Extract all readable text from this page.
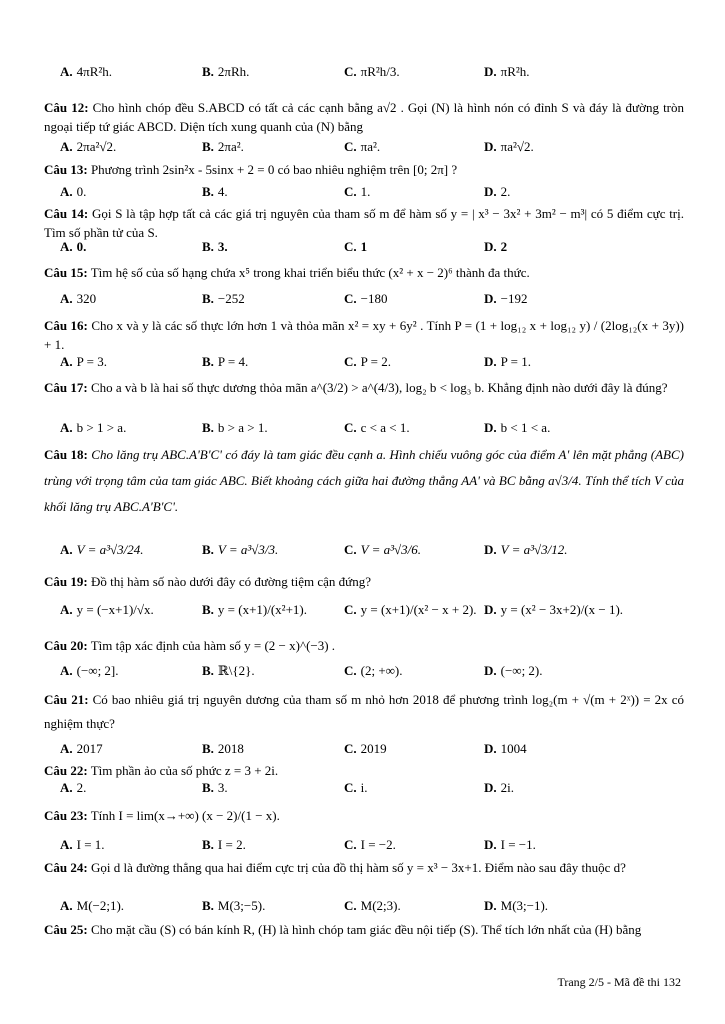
A. 4πR²h.	B. 2πRh.	C. πR²h/3.	D. πR²h.
Câu 12: Cho hình chóp đều S.ABCD có tất cả các cạnh bằng a√2 . Gọi (N) là hình nón có đỉnh S và đáy là đường tròn ngoại tiếp tứ giác ABCD. Diện tích xung quanh của (N) bằng
A. 2πa²√2.	B. 2πa².	C. πa².	D. πa²√2.
Câu 13: Phương trình 2sin²x - 5sinx + 2 = 0 có bao nhiêu nghiệm trên [0; 2π] ?
A. 0.	B. 4.	C. 1.	D. 2.
Câu 14: Gọi S là tập hợp tất cả các giá trị nguyên của tham số m để hàm số y = | x³ − 3x² + 3m² − m³| có 5 điểm cực trị. Tìm số phần tử của S.
A. 0.	B. 3.	C. 1	D. 2
Câu 15: Tìm hệ số của số hạng chứa x⁵ trong khai triển biểu thức (x² + x − 2)⁶ thành đa thức.
A. 320	B. −252	C. −180	D. −192
Câu 16: Cho x và y là các số thực lớn hơn 1 và thỏa mãn x² = xy + 6y² . Tính P = (1 + log₁₂ x + log₁₂ y) / (2log₁₂(x + 3y)) + 1.
A. P = 3.	B. P = 4.	C. P = 2.	D. P = 1.
Câu 17: Cho a và b là hai số thực dương thỏa mãn a^(3/2) > a^(4/3), log₂ b < log₃ b. Khẳng định nào dưới đây là đúng?
A. b > 1 > a.	B. b > a > 1.	C. c < a < 1.	D. b < 1 < a.
Câu 18: Cho lăng trụ ABC.A'B'C' có đáy là tam giác đều cạnh a. Hình chiếu vuông góc của điểm A' lên mặt phẳng (ABC) trùng với trọng tâm của tam giác ABC. Biết khoảng cách giữa hai đường thẳng AA' và BC bằng a√3/4. Tính thể tích V của khối lăng trụ ABC.A'B'C'.
A. V = a³√3/24.	B. V = a³√3/3.	C. V = a³√3/6.	D. V = a³√3/12.
Câu 19: Đồ thị hàm số nào dưới đây có đường tiệm cận đứng?
A. y = (−x+1)/√x.	B. y = (x+1)/(x²+1).	C. y = (x+1)/(x² − x + 2). D. y = (x² − 3x+2)/(x − 1).
Câu 20: Tìm tập xác định của hàm số y = (2 − x)^(−3) .
A. (−∞; 2].	B. ℝ\{2}.	C. (2; +∞).	D. (−∞; 2).
Câu 21: Có bao nhiêu giá trị nguyên dương của tham số m nhỏ hơn 2018 để phương trình log₂(m + √(m + 2ˣ)) = 2x có nghiệm thực?
A. 2017	B. 2018	C. 2019	D. 1004
Câu 22: Tìm phần ảo của số phức z = 3 + 2i.
A. 2.	B. 3.	C. i.	D. 2i.
Câu 23: Tính I = lim(x→+∞) (x − 2)/(1 − x).
A. I = 1.	B. I = 2.	C. I = −2.	D. I = −1.
Câu 24: Gọi d là đường thẳng qua hai điểm cực trị của đồ thị hàm số y = x³ − 3x+1. Điểm nào sau đây thuộc d?
A. M(−2;1).	B. M(3;−5).	C. M(2;3).	D. M(3;−1).
Câu 25: Cho mặt cầu (S) có bán kính R, (H) là hình chóp tam giác đều nội tiếp (S). Thể tích lớn nhất của (H) bằng
Trang 2/5 - Mã đề thi 132
